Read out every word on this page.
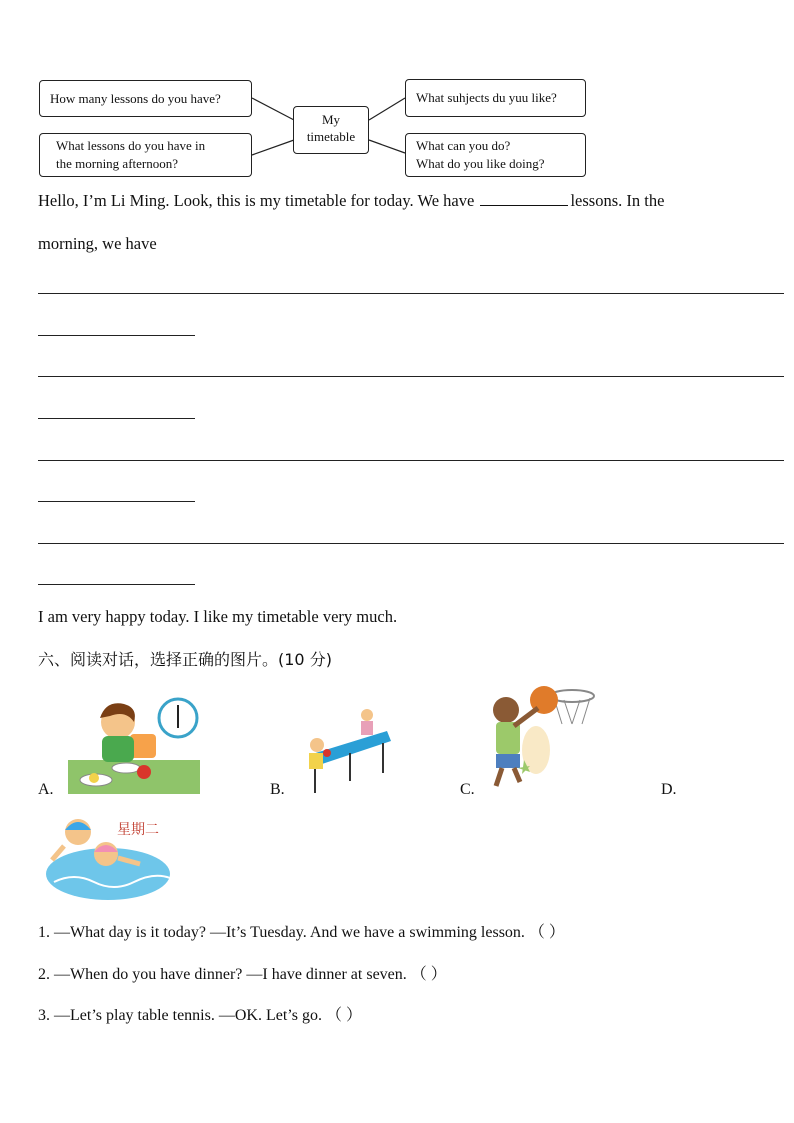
How many lessons do you have?
What lessons do you have in
the morning afternoon?
My
timetable
What suhjects du yuu like?
What can you do?
What do you like doing?
Hello, I’m Li Ming. Look, this is my timetable for today. We have	lessons. In the
morning, we have
I am very happy today. I like my timetable very much.
六、阅读对话，选择正确的图片。(10 分)
A.	B.	C.	D.
星期二
1. —What day is it today? —It’s Tuesday. And we have a swimming lesson. （ ）
2. —When do you have dinner? —I have dinner at seven. （ ）
3. —Let’s play table tennis. —OK. Let’s go. （ ）
